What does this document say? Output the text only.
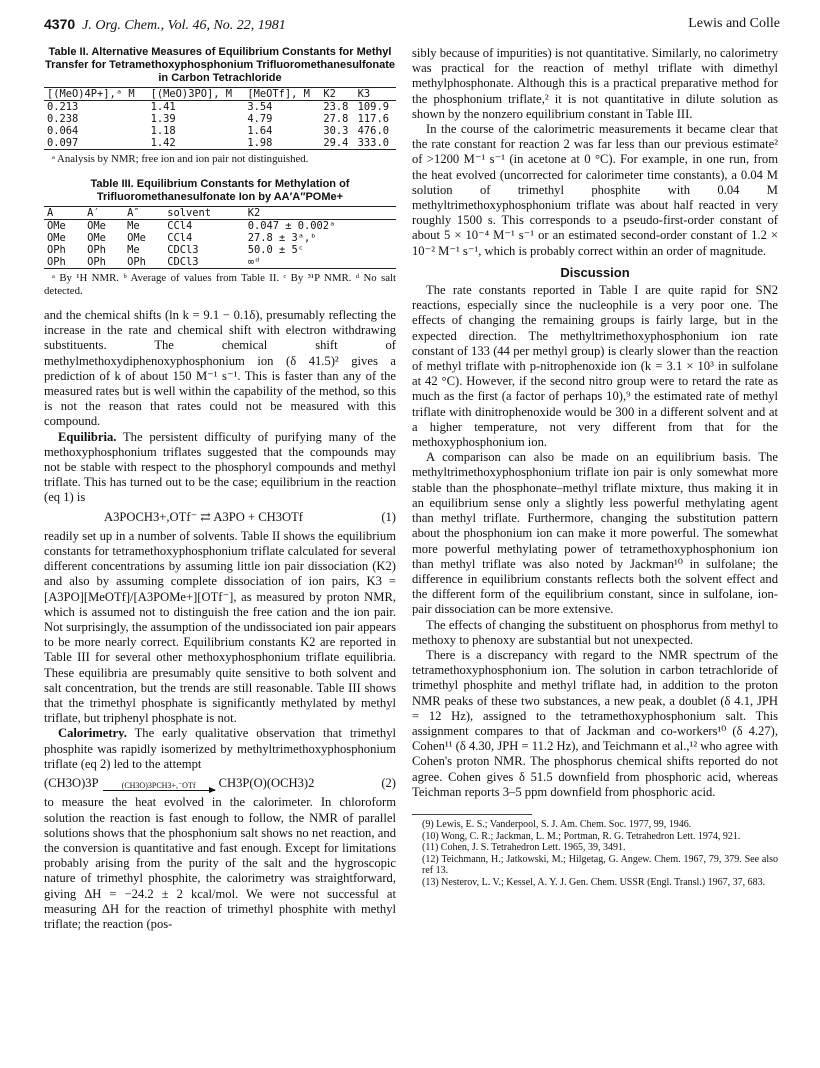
4370 J. Org. Chem., Vol. 46, No. 22, 1981	Lewis and Colle
Table II. Alternative Measures of Equilibrium Constants for Methyl Transfer for Tetramethoxyphosphonium Trifluoromethanesulfonate in Carbon Tetrachloride
[(MeO)4P+],ᵃ M	[(MeO)3PO], M	[MeOTf], M	K2	K3
0.213	1.41	3.54	23.8	109.9
0.238	1.39	4.79	27.8	117.6
0.064	1.18	1.64	30.3	476.0
0.097	1.42	1.98	29.4	333.0

ᵃ Analysis by NMR; free ion and ion pair not distinguished.

Table III. Equilibrium Constants for Methylation of Trifluoromethanesulfonate Ion by AA′A″POMe+
A	A′	A″	solvent	K2
OMe	OMe	Me	CCl4	0.047 ± 0.002ᵃ
OMe	OMe	OMe	CCl4	27.8 ± 3ᵃ,ᵇ
OPh	OPh	Me	CDCl3	50.0 ± 5ᶜ
OPh	OPh	OPh	CDCl3	∞ᵈ

ᵃ By ¹H NMR. ᵇ Average of values from Table II. ᶜ By ³¹P NMR. ᵈ No salt detected.

and the chemical shifts (ln k = 9.1 − 0.1δ), presumably reflecting the increase in the rate and chemical shift with electron withdrawing substituents. The chemical shift of methylmethoxydiphenoxyphosphonium ion (δ 41.5)² gives a prediction of k of about 150 M⁻¹ s⁻¹. This is faster than any of the measured rates but is well within the capability of the method, so this is not the reason that rates could not be measured with this compound.

Equilibria. The persistent difficulty of purifying many of the methoxyphosphonium triflates suggested that the compounds may not be stable with respect to the phosphoryl compounds and methyl triflate. This has turned out to be the case; equilibrium in the reaction (eq 1) is

A3POCH3+,OTf⁻ ⇄ A3PO + CH3OTf	(1)

readily set up in a number of solvents. Table II shows the equilibrium constants for tetramethoxyphosphonium triflate calculated for several different concentrations by assuming little ion pair dissociation (K2) and also by assuming complete dissociation of ion pairs, K3 = [A3PO][MeOTf]/[A3POMe+][OTf⁻], as measured by proton NMR, which is assumed not to distinguish the free cation and the ion pair. Not surprisingly, the assumption of the undissociated ion pair appears to be more nearly correct. Equilibrium constants K2 are reported in Table III for several other methoxyphosphonium triflate equilibria. These equilibria are presumably quite sensitive to both solvent and salt concentration, but the trends are still reasonable. Table III shows that the trimethyl phosphate is significantly methylated by methyl triflate, but triphenyl phosphate is not.

Calorimetry. The early qualitative observation that trimethyl phosphite was rapidly isomerized by methyltrimethoxyphosphonium triflate (eq 2) led to the attempt

(CH3O)3P	(CH3O)3PCH3+,⁻OTf CH3P(O)(OCH3)2	(2)

to measure the heat evolved in the calorimeter. In chloroform solution the reaction is fast enough to follow, the NMR of parallel solutions shows that the phosphonium salt shows no net reaction, and the conversion is quantitative and fast enough. Except for limitations probably arising from the purity of the salt and the hygroscopic nature of trimethyl phosphite, the calorimetry was straightforward, giving ΔH = −24.2 ± 2 kcal/mol. We were not successful at measuring ΔH for the reaction of trimethyl phosphite with methyl triflate; the reaction (pos-

sibly because of impurities) is not quantitative. Similarly, no calorimetry was practical for the reaction of methyl triflate with dimethyl methylphosphonate. Although this is a practical preparative method for the phosphonium triflate,² it is not quantitative in dilute solution as shown by the nonzero equilibrium constant in Table III.

In the course of the calorimetric measurements it became clear that the rate constant for reaction 2 was far less than our previous estimate² of >1200 M⁻¹ s⁻¹ (in acetone at 0 °C). For example, in one run, from the heat evolved (uncorrected for calorimeter time constants), a 0.04 M solution of trimethyl phosphite with 0.04 M methyltrimethoxyphosphonium triflate was about half reacted in very roughly 1500 s. This corresponds to a pseudo-first-order constant of about 5 × 10⁻⁴ M⁻¹ s⁻¹ or an estimated second-order constant of 1.2 × 10⁻² M⁻¹ s⁻¹, which is probably correct within an order of magnitude.

Discussion

The rate constants reported in Table I are quite rapid for SN2 reactions, especially since the nucleophile is a very poor one. The effects of changing the remaining groups is fairly large, but in the expected direction. The methyltrimethoxyphosphonium ion rate constant of 133 (44 per methyl group) is clearly slower than the reaction of methyl triflate with p-nitrophenoxide ion (k = 3.1 × 10³ in sulfolane at 42 °C). However, if the second nitro group were to retard the rate as much as the first (a factor of perhaps 10),⁹ the estimated rate of methyl triflate with dinitrophenoxide would be 300 in a different solvent and at a higher temperature, not very different from that for the methoxyphosphonium ion.

A comparison can also be made on an equilibrium basis. The methyltrimethoxyphosphonium triflate ion pair is only somewhat more stable than the phosphonate–methyl triflate mixture, thus making it in an equilibrium sense only a slightly less powerful methylating agent than methyl triflate. Furthermore, changing the substitution pattern about the phosphonium ion can make it more powerful. The somewhat more powerful methylating power of tetramethoxyphosphonium ion than methyl triflate was also noted by Jackman¹⁰ in sulfolane; the difference in equilibrium constants reflects both the solvent effect and the different form of the equilibrium constant, since in sulfolane, ion-pair dissociation can be more extensive.

The effects of changing the substituent on phosphorus from methyl to methoxy to phenoxy are substantial but not unexpected.

There is a discrepancy with regard to the NMR spectrum of the tetramethoxyphosphonium ion. The solution in carbon tetrachloride of trimethyl phosphite and methyl triflate had, in addition to the proton NMR peaks of these two substances, a new peak, a doublet (δ 4.1, JPH = 12 Hz), assigned to the tetramethoxyphosphonium salt. This assignment compares to that of Jackman and co-workers¹⁰ (δ 4.27), Cohen¹¹ (δ 4.30, JPH = 11.2 Hz), and Teichmann et al.,¹² who agree with Cohen's proton NMR. The phosphorus chemical shifts reported do not agree. Cohen gives δ 51.5 downfield from phosphoric acid, whereas Teichman reports 3–5 ppm downfield from phosphoric acid.

(9) Lewis, E. S.; Vanderpool, S. J. Am. Chem. Soc. 1977, 99, 1946.
(10) Wong, C. R.; Jackman, L. M.; Portman, R. G. Tetrahedron Lett. 1974, 921.
(11) Cohen, J. S. Tetrahedron Lett. 1965, 39, 3491.
(12) Teichmann, H.; Jatkowski, M.; Hilgetag, G. Angew. Chem. 1967, 79, 379. See also ref 13.
(13) Nesterov, L. V.; Kessel, A. Y. J. Gen. Chem. USSR (Engl. Transl.) 1967, 37, 683.
